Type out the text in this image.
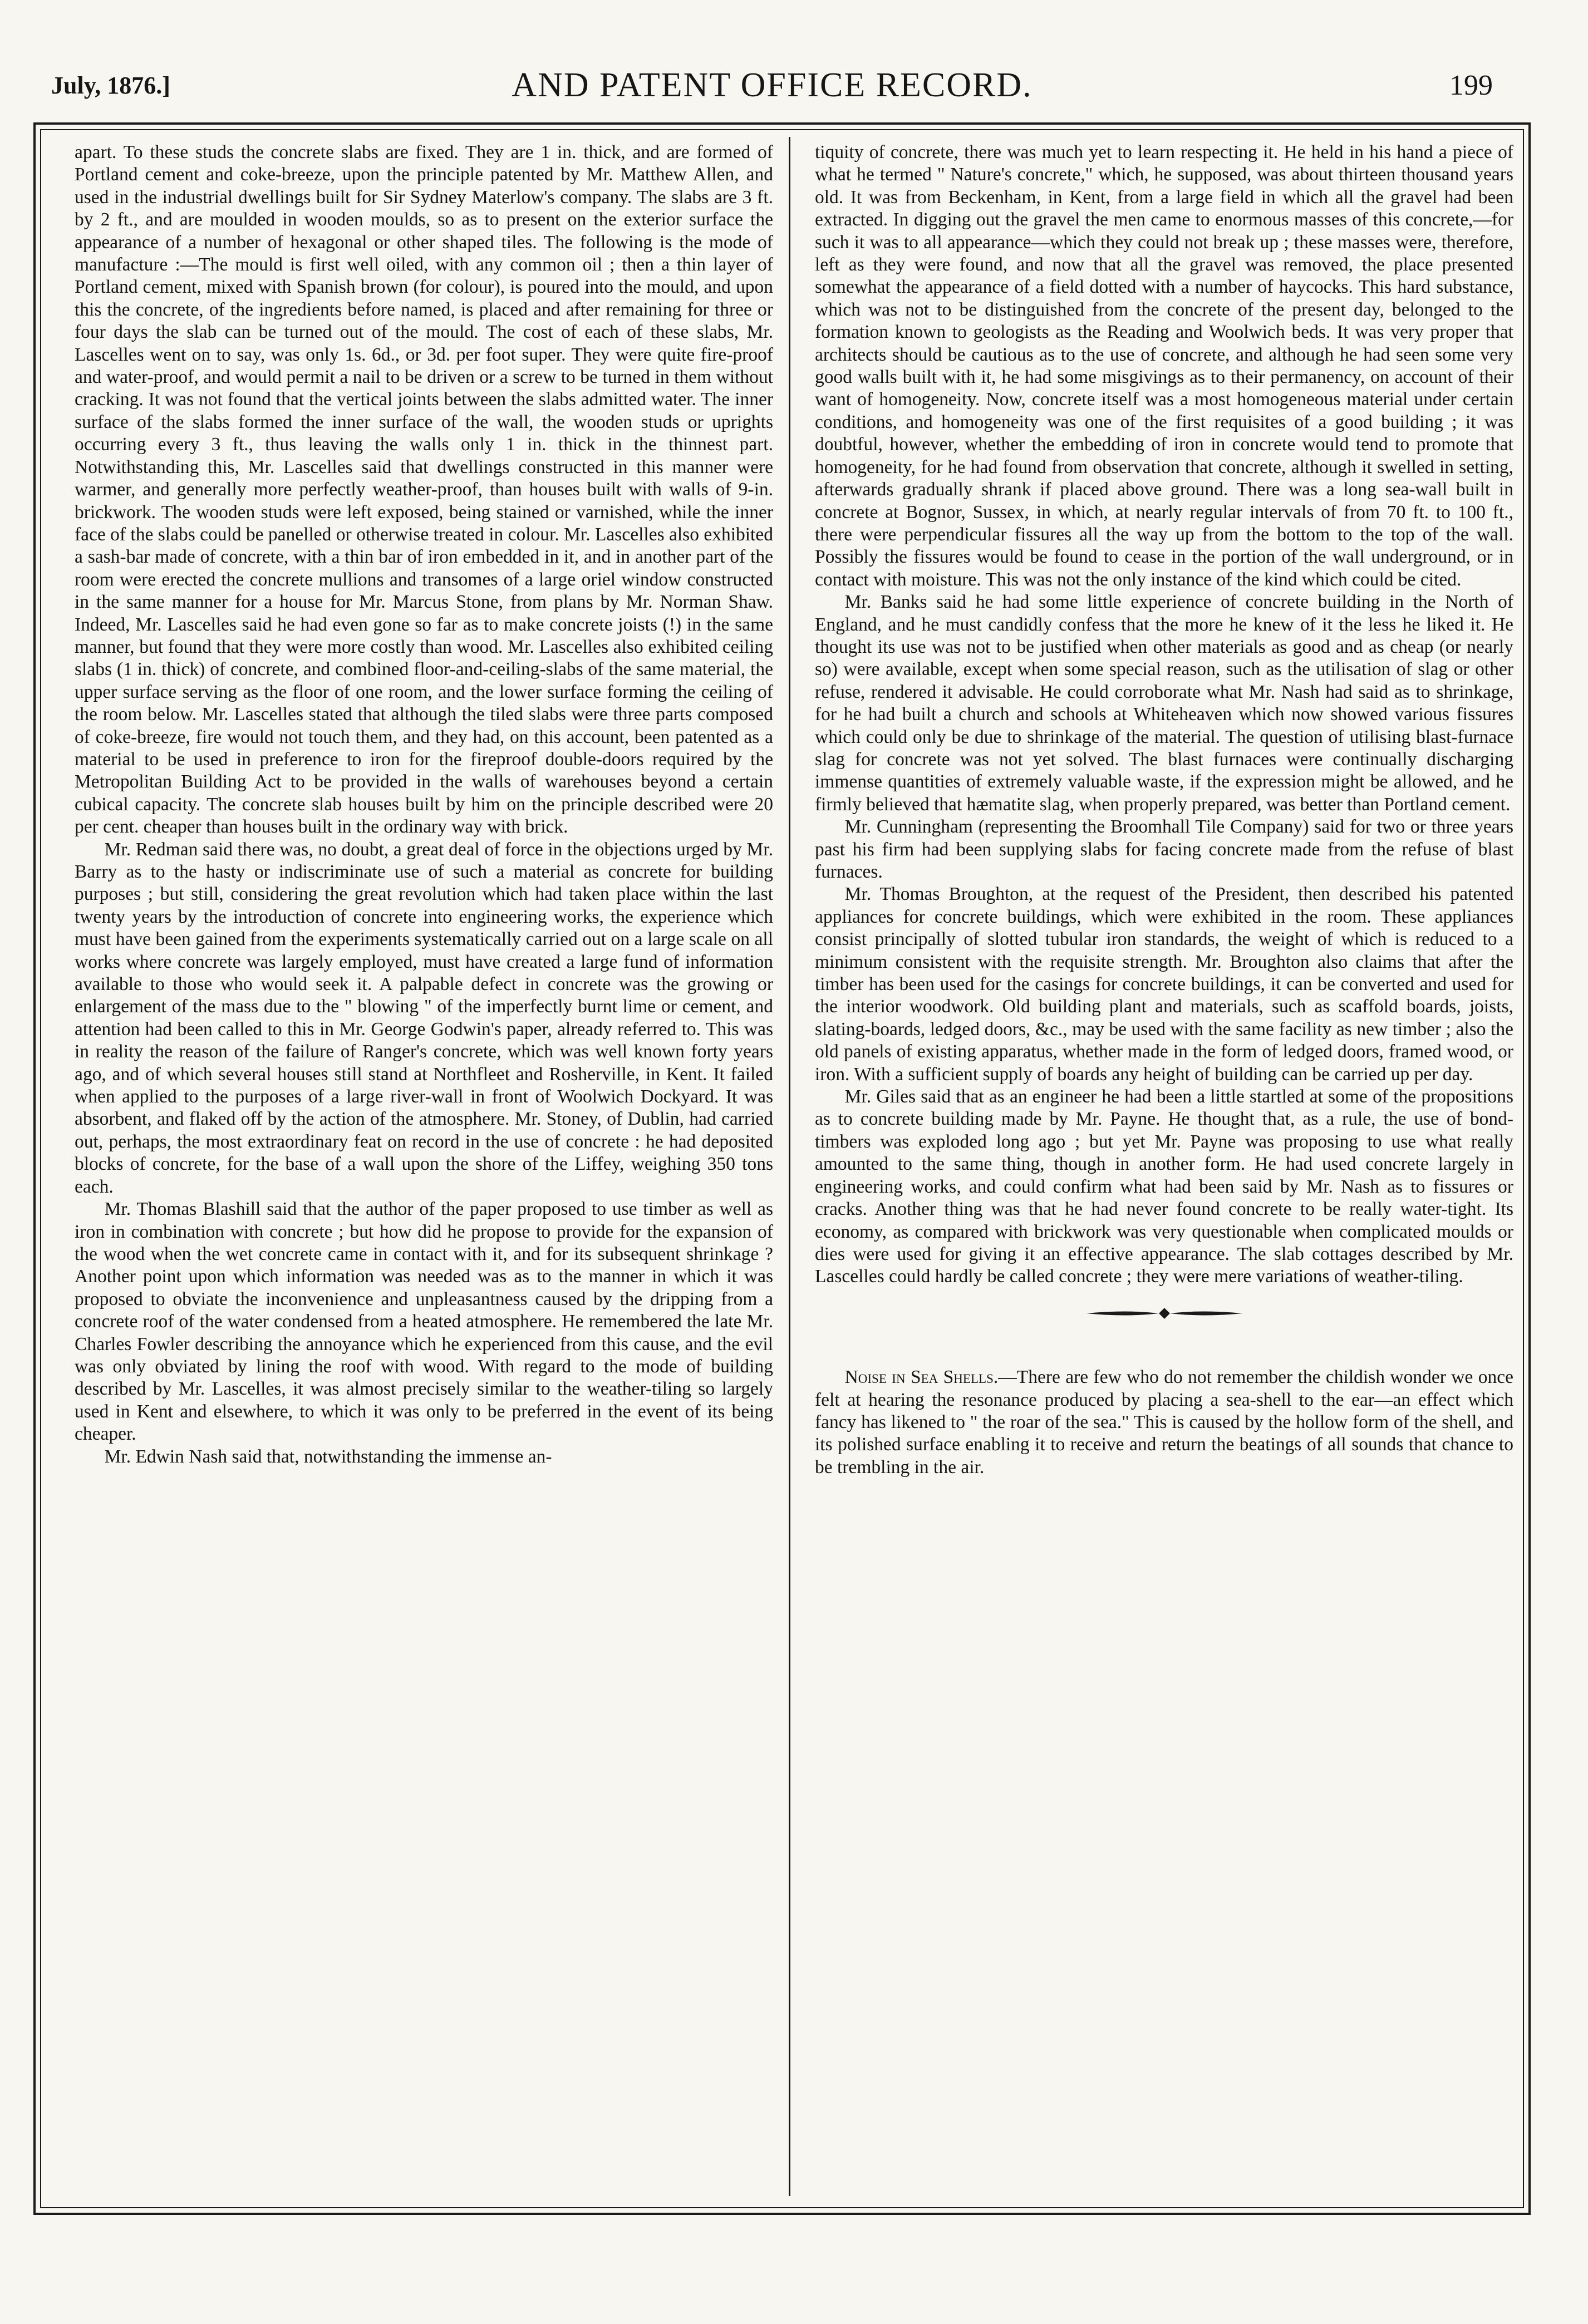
July, 1876.]	AND PATENT OFFICE RECORD.	199

apart. To these studs the concrete slabs are fixed. They are 1 in. thick, and are formed of Portland cement and coke-breeze, upon the principle patented by Mr. Matthew Allen, and used in the industrial dwellings built for Sir Sydney Materlow's company. The slabs are 3 ft. by 2 ft., and are moulded in wooden moulds, so as to present on the exterior surface the appearance of a number of hexagonal or other shaped tiles. The following is the mode of manufacture :—The mould is first well oiled, with any common oil ; then a thin layer of Portland cement, mixed with Spanish brown (for colour), is poured into the mould, and upon this the concrete, of the ingredients before named, is placed and after remaining for three or four days the slab can be turned out of the mould. The cost of each of these slabs, Mr. Lascelles went on to say, was only 1s. 6d., or 3d. per foot super. They were quite fire-proof and water-proof, and would permit a nail to be driven or a screw to be turned in them without cracking. It was not found that the vertical joints between the slabs admitted water. The inner surface of the slabs formed the inner surface of the wall, the wooden studs or uprights occurring every 3 ft., thus leaving the walls only 1 in. thick in the thinnest part. Notwithstanding this, Mr. Lascelles said that dwellings constructed in this manner were warmer, and generally more perfectly weather-proof, than houses built with walls of 9-in. brickwork. The wooden studs were left exposed, being stained or varnished, while the inner face of the slabs could be panelled or otherwise treated in colour. Mr. Lascelles also exhibited a sash-bar made of concrete, with a thin bar of iron embedded in it, and in another part of the room were erected the concrete mullions and transomes of a large oriel window constructed in the same manner for a house for Mr. Marcus Stone, from plans by Mr. Norman Shaw. Indeed, Mr. Lascelles said he had even gone so far as to make concrete joists (!) in the same manner, but found that they were more costly than wood. Mr. Lascelles also exhibited ceiling slabs (1 in. thick) of concrete, and combined floor-and-ceiling-slabs of the same material, the upper surface serving as the floor of one room, and the lower surface forming the ceiling of the room below. Mr. Lascelles stated that although the tiled slabs were three parts composed of coke-breeze, fire would not touch them, and they had, on this account, been patented as a material to be used in preference to iron for the fireproof double-doors required by the Metropolitan Building Act to be provided in the walls of warehouses beyond a certain cubical capacity. The concrete slab houses built by him on the principle described were 20 per cent. cheaper than houses built in the ordinary way with brick.

Mr. Redman said there was, no doubt, a great deal of force in the objections urged by Mr. Barry as to the hasty or indiscriminate use of such a material as concrete for building purposes ; but still, considering the great revolution which had taken place within the last twenty years by the introduction of concrete into engineering works, the experience which must have been gained from the experiments systematically carried out on a large scale on all works where concrete was largely employed, must have created a large fund of information available to those who would seek it. A palpable defect in concrete was the growing or enlargement of the mass due to the " blowing " of the imperfectly burnt lime or cement, and attention had been called to this in Mr. George Godwin's paper, already referred to. This was in reality the reason of the failure of Ranger's concrete, which was well known forty years ago, and of which several houses still stand at Northfleet and Rosherville, in Kent. It failed when applied to the purposes of a large river-wall in front of Woolwich Dockyard. It was absorbent, and flaked off by the action of the atmosphere. Mr. Stoney, of Dublin, had carried out, perhaps, the most extraordinary feat on record in the use of concrete : he had deposited blocks of concrete, for the base of a wall upon the shore of the Liffey, weighing 350 tons each.

Mr. Thomas Blashill said that the author of the paper proposed to use timber as well as iron in combination with concrete ; but how did he propose to provide for the expansion of the wood when the wet concrete came in contact with it, and for its subsequent shrinkage ? Another point upon which information was needed was as to the manner in which it was proposed to obviate the inconvenience and unpleasantness caused by the dripping from a concrete roof of the water condensed from a heated atmosphere. He remembered the late Mr. Charles Fowler describing the annoyance which he experienced from this cause, and the evil was only obviated by lining the roof with wood. With regard to the mode of building described by Mr. Lascelles, it was almost precisely similar to the weather-tiling so largely used in Kent and elsewhere, to which it was only to be preferred in the event of its being cheaper.

Mr. Edwin Nash said that, notwithstanding the immense an-

tiquity of concrete, there was much yet to learn respecting it. He held in his hand a piece of what he termed " Nature's concrete," which, he supposed, was about thirteen thousand years old. It was from Beckenham, in Kent, from a large field in which all the gravel had been extracted. In digging out the gravel the men came to enormous masses of this concrete,—for such it was to all appearance—which they could not break up ; these masses were, therefore, left as they were found, and now that all the gravel was removed, the place presented somewhat the appearance of a field dotted with a number of haycocks. This hard substance, which was not to be distinguished from the concrete of the present day, belonged to the formation known to geologists as the Reading and Woolwich beds. It was very proper that architects should be cautious as to the use of concrete, and although he had seen some very good walls built with it, he had some misgivings as to their permanency, on account of their want of homogeneity. Now, concrete itself was a most homogeneous material under certain conditions, and homogeneity was one of the first requisites of a good building ; it was doubtful, however, whether the embedding of iron in concrete would tend to promote that homogeneity, for he had found from observation that concrete, although it swelled in setting, afterwards gradually shrank if placed above ground. There was a long sea-wall built in concrete at Bognor, Sussex, in which, at nearly regular intervals of from 70 ft. to 100 ft., there were perpendicular fissures all the way up from the bottom to the top of the wall. Possibly the fissures would be found to cease in the portion of the wall underground, or in contact with moisture. This was not the only instance of the kind which could be cited.

Mr. Banks said he had some little experience of concrete building in the North of England, and he must candidly confess that the more he knew of it the less he liked it. He thought its use was not to be justified when other materials as good and as cheap (or nearly so) were available, except when some special reason, such as the utilisation of slag or other refuse, rendered it advisable. He could corroborate what Mr. Nash had said as to shrinkage, for he had built a church and schools at Whiteheaven which now showed various fissures which could only be due to shrinkage of the material. The question of utilising blast-furnace slag for concrete was not yet solved. The blast furnaces were continually discharging immense quantities of extremely valuable waste, if the expression might be allowed, and he firmly believed that hæmatite slag, when properly prepared, was better than Portland cement.

Mr. Cunningham (representing the Broomhall Tile Company) said for two or three years past his firm had been supplying slabs for facing concrete made from the refuse of blast furnaces.

Mr. Thomas Broughton, at the request of the President, then described his patented appliances for concrete buildings, which were exhibited in the room. These appliances consist principally of slotted tubular iron standards, the weight of which is reduced to a minimum consistent with the requisite strength. Mr. Broughton also claims that after the timber has been used for the casings for concrete buildings, it can be converted and used for the interior woodwork. Old building plant and materials, such as scaffold boards, joists, slating-boards, ledged doors, &c., may be used with the same facility as new timber ; also the old panels of existing apparatus, whether made in the form of ledged doors, framed wood, or iron. With a sufficient supply of boards any height of building can be carried up per day.

Mr. Giles said that as an engineer he had been a little startled at some of the propositions as to concrete building made by Mr. Payne. He thought that, as a rule, the use of bond-timbers was exploded long ago ; but yet Mr. Payne was proposing to use what really amounted to the same thing, though in another form. He had used concrete largely in engineering works, and could confirm what had been said by Mr. Nash as to fissures or cracks. Another thing was that he had never found concrete to be really water-tight. Its economy, as compared with brickwork was very questionable when complicated moulds or dies were used for giving it an effective appearance. The slab cottages described by Mr. Lascelles could hardly be called concrete ; they were mere variations of weather-tiling.

Noise in Sea Shells.—There are few who do not remember the childish wonder we once felt at hearing the resonance produced by placing a sea-shell to the ear—an effect which fancy has likened to " the roar of the sea." This is caused by the hollow form of the shell, and its polished surface enabling it to receive and return the beatings of all sounds that chance to be trembling in the air.
